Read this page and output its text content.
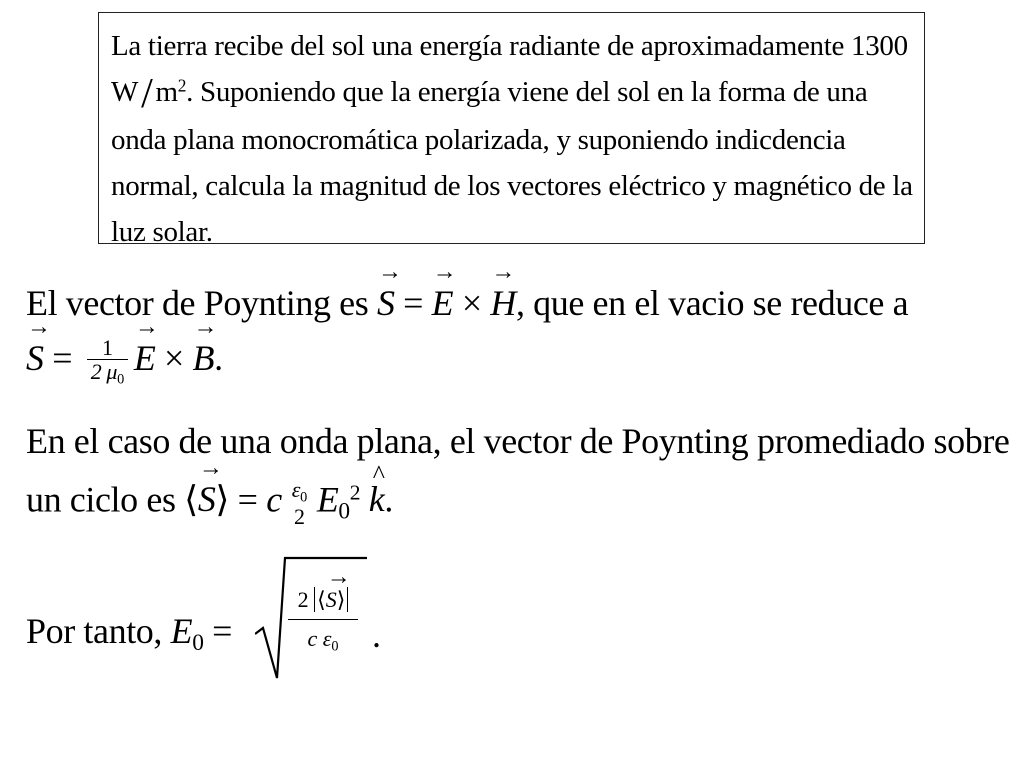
La tierra recibe del sol una energía radiante de aproximadamente 1300
W/ $m^2$. Suponiendo que la energía viene del sol en la forma de una
onda plana monocromática polarizada, y suponiendo indicdencia
normal, calcula la magnitud de los vectores eléctrico y magnético de la
luz solar.
El vector de Poynting es → S = → E × → H, que en el vacio se reduce a
→ $S = \frac{1}{2 \mu_0}$
→ E × → B.
En el caso de una onda plana, el vector de Poynting promediado sobre
un ciclo es ⟨→ S⟩ = c $\varepsilon_0$
2 $E_0^2$ ^ k.
Por tanto, $E_0$ =
2 ⟨→ S⟩
c $\varepsilon_0$ .
